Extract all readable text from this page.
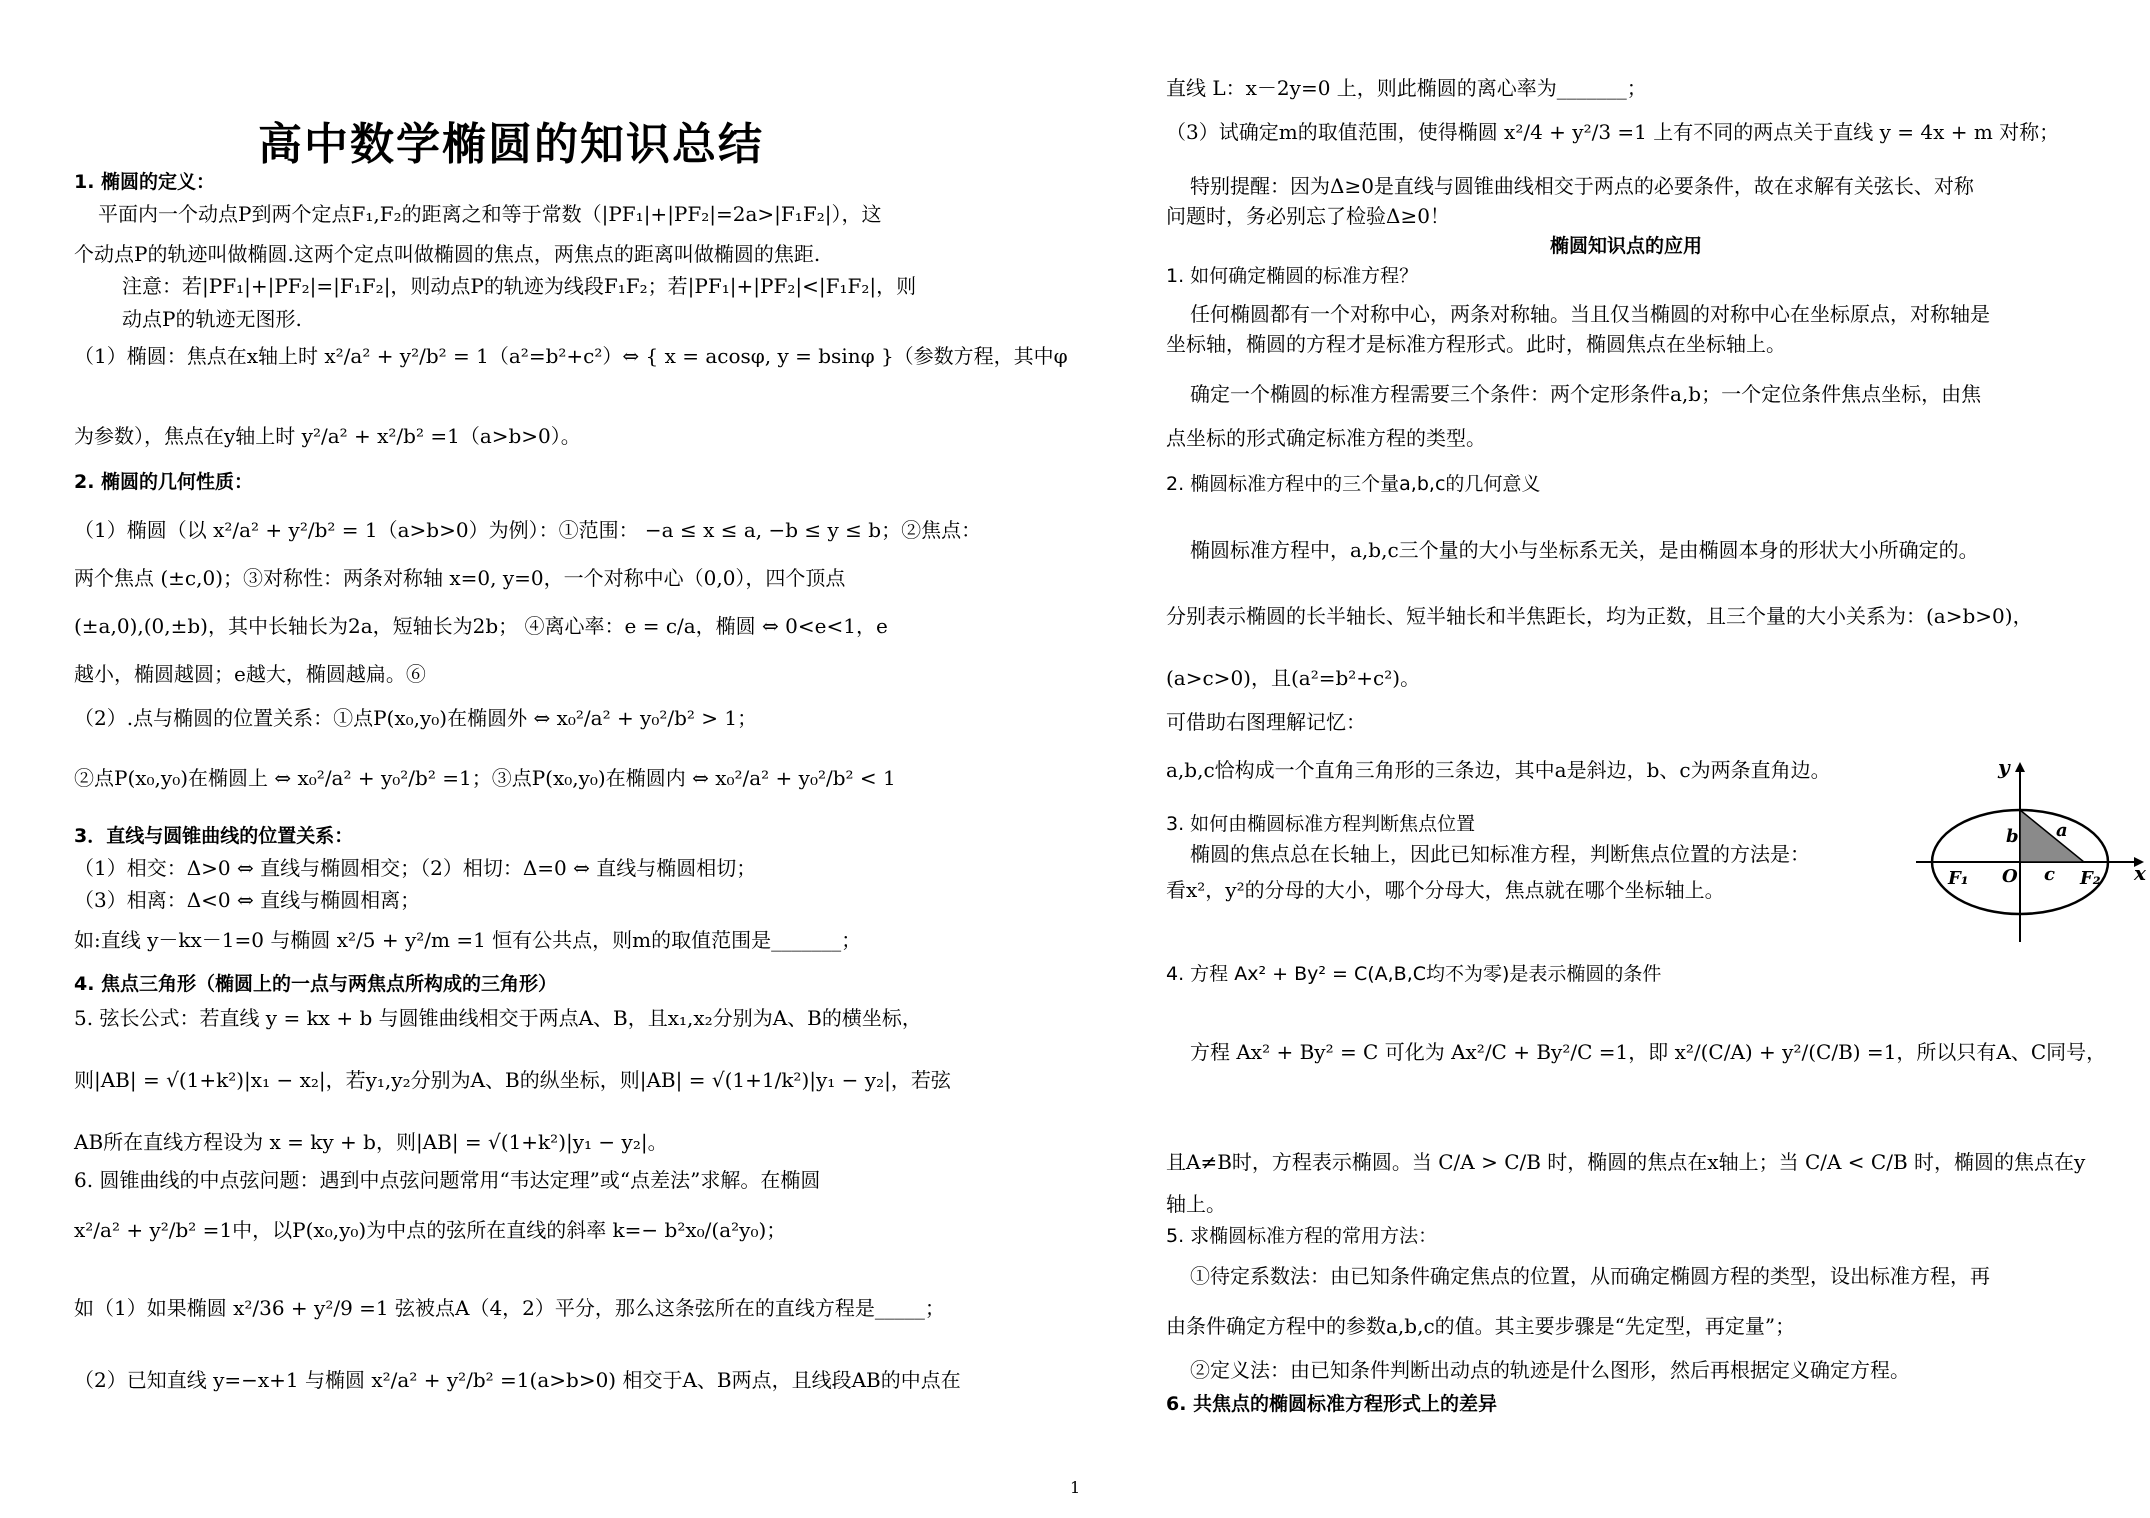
高中数学椭圆的知识总结
1. 椭圆的定义：
平面内一个动点P到两个定点F₁,F₂的距离之和等于常数（|PF₁|+|PF₂|=2a>|F₁F₂|），这
个动点P的轨迹叫做椭圆.这两个定点叫做椭圆的焦点，两焦点的距离叫做椭圆的焦距.
注意：若|PF₁|+|PF₂|=|F₁F₂|，则动点P的轨迹为线段F₁F₂；若|PF₁|+|PF₂|<|F₁F₂|，则
动点P的轨迹无图形.
（1）椭圆：焦点在x轴上时 x²/a² + y²/b² = 1（a²=b²+c²）⇔ { x = acosφ, y = bsinφ }（参数方程，其中φ
为参数），焦点在y轴上时 y²/a² + x²/b² =1（a>b>0）。
2. 椭圆的几何性质：
（1）椭圆（以 x²/a² + y²/b² = 1（a>b>0）为例）：①范围： −a ≤ x ≤ a, −b ≤ y ≤ b；②焦点：
两个焦点 (±c,0)；③对称性：两条对称轴 x=0, y=0，一个对称中心（0,0），四个顶点
(±a,0),(0,±b)，其中长轴长为2a，短轴长为2b； ④离心率：e = c/a，椭圆 ⇔ 0<e<1，e
越小，椭圆越圆；e越大，椭圆越扁。⑥
（2）.点与椭圆的位置关系：①点P(x₀,y₀)在椭圆外 ⇔ x₀²/a² + y₀²/b² > 1；
②点P(x₀,y₀)在椭圆上 ⇔ x₀²/a² + y₀²/b² =1；③点P(x₀,y₀)在椭圆内 ⇔ x₀²/a² + y₀²/b² < 1
3．直线与圆锥曲线的位置关系：
（1）相交：Δ>0 ⇔ 直线与椭圆相交；（2）相切：Δ=0 ⇔ 直线与椭圆相切；
（3）相离：Δ<0 ⇔ 直线与椭圆相离；
如:直线 y－kx－1=0 与椭圆 x²/5 + y²/m =1 恒有公共点，则m的取值范围是_______；
4. 焦点三角形（椭圆上的一点与两焦点所构成的三角形）
5. 弦长公式：若直线 y = kx + b 与圆锥曲线相交于两点A、B，且x₁,x₂分别为A、B的横坐标，
则|AB| = √(1+k²)|x₁ − x₂|，若y₁,y₂分别为A、B的纵坐标，则|AB| = √(1+1/k²)|y₁ − y₂|，若弦
AB所在直线方程设为 x = ky + b，则|AB| = √(1+k²)|y₁ − y₂|。
6. 圆锥曲线的中点弦问题：遇到中点弦问题常用“韦达定理”或“点差法”求解。在椭圆
x²/a² + y²/b² =1中，以P(x₀,y₀)为中点的弦所在直线的斜率 k=− b²x₀/(a²y₀)；
如（1）如果椭圆 x²/36 + y²/9 =1 弦被点A（4，2）平分，那么这条弦所在的直线方程是_____；
（2）已知直线 y=−x+1 与椭圆 x²/a² + y²/b² =1(a>b>0) 相交于A、B两点，且线段AB的中点在
直线 L：x－2y=0 上，则此椭圆的离心率为_______；
（3）试确定m的取值范围，使得椭圆 x²/4 + y²/3 =1 上有不同的两点关于直线 y = 4x + m 对称；
特别提醒：因为Δ≥0是直线与圆锥曲线相交于两点的必要条件，故在求解有关弦长、对称
问题时，务必别忘了检验Δ≥0！
椭圆知识点的应用
1. 如何确定椭圆的标准方程？
任何椭圆都有一个对称中心，两条对称轴。当且仅当椭圆的对称中心在坐标原点，对称轴是
坐标轴，椭圆的方程才是标准方程形式。此时，椭圆焦点在坐标轴上。
确定一个椭圆的标准方程需要三个条件：两个定形条件a,b；一个定位条件焦点坐标，由焦
点坐标的形式确定标准方程的类型。
2. 椭圆标准方程中的三个量a,b,c的几何意义
椭圆标准方程中，a,b,c三个量的大小与坐标系无关，是由椭圆本身的形状大小所确定的。
分别表示椭圆的长半轴长、短半轴长和半焦距长，均为正数，且三个量的大小关系为：(a>b>0)，
(a>c>0)，且(a²=b²+c²)。
可借助右图理解记忆：
a,b,c恰构成一个直角三角形的三条边，其中a是斜边，b、c为两条直角边。
3. 如何由椭圆标准方程判断焦点位置
椭圆的焦点总在长轴上，因此已知标准方程，判断焦点位置的方法是：
看x²，y²的分母的大小，哪个分母大，焦点就在哪个坐标轴上。
4. 方程 Ax² + By² = C(A,B,C均不为零)是表示椭圆的条件
方程 Ax² + By² = C 可化为 Ax²/C + By²/C =1，即 x²/(C/A) + y²/(C/B) =1，所以只有A、C同号，
且A≠B时，方程表示椭圆。当 C/A > C/B 时，椭圆的焦点在x轴上；当 C/A < C/B 时，椭圆的焦点在y
轴上。
5. 求椭圆标准方程的常用方法：
①待定系数法：由已知条件确定焦点的位置，从而确定椭圆方程的类型，设出标准方程，再
由条件确定方程中的参数a,b,c的值。其主要步骤是“先定型，再定量”；
②定义法：由已知条件判断出动点的轨迹是什么图形，然后再根据定义确定方程。
6. 共焦点的椭圆标准方程形式上的差异
y
x
b a
c
O
F₁	F₂
1
